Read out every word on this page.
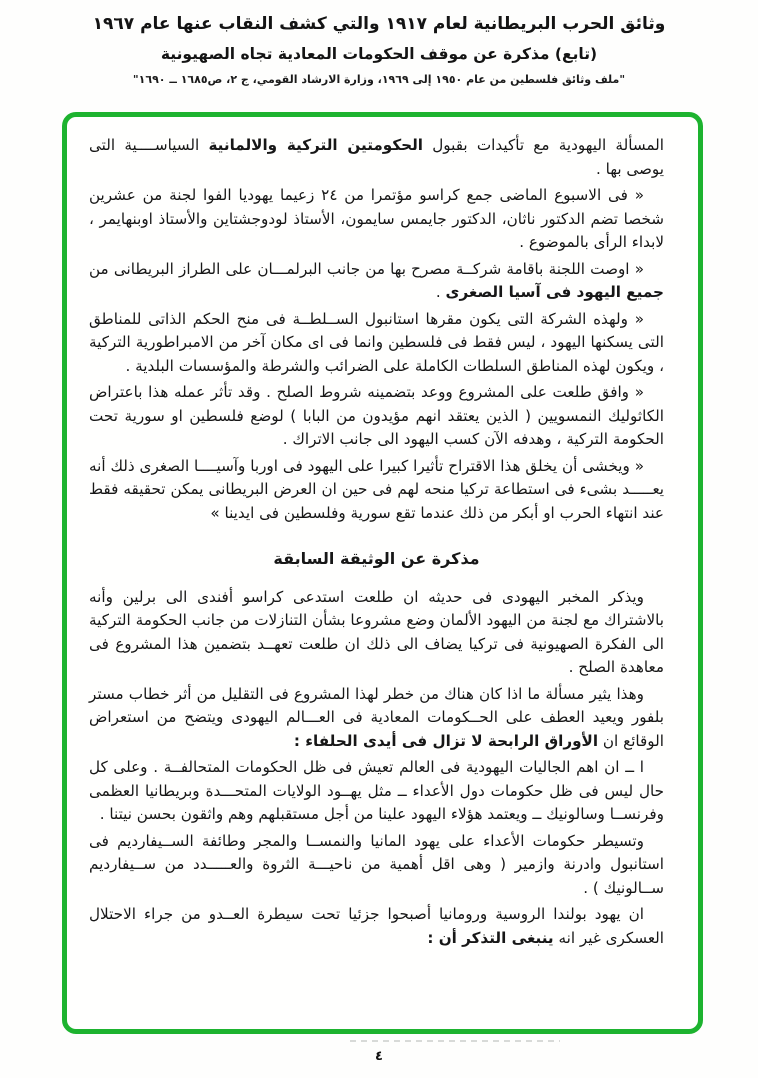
وثائق الحرب البريطانية لعام ١٩١٧ والتي كشف النقاب عنها عام ١٩٦٧
(تابع) مذكرة عن موقف الحكومات المعادية تجاه الصهيونية
"ملف وثائق فلسطين من عام ١٩٥٠ إلى ١٩٦٩، وزارة الارشاد القومي، ج ٢، ص١٦٨٥ ــ ١٦٩٠"

المسألة اليهودية مع تأكيدات بقبول الحكومتين التركية والالمانية السياســــية التى يوصى بها .

« فى الاسبوع الماضى جمع كراسو مؤتمرا من ٢٤ زعيما يهوديا الفوا لجنة من عشرين شخصا تضم الدكتور ناثان، الدكتور جايمس سايمون، الأستاذ لودوجشتاين والأستاذ اوبنهايمر ، لابداء الرأى بالموضوع .

« اوصت اللجنة باقامة شركــة مصرح بها من جانب البرلمـــان على الطراز البريطانى من جميع اليهود فى آسيا الصغرى .

« ولهذه الشركة التى يكون مقرها استانبول الســلطــة فى منح الحكم الذاتى للمناطق التى يسكنها اليهود ، ليس فقط فى فلسطين وانما فى اى مكان آخر من الامبراطورية التركية ، ويكون لهذه المناطق السلطات الكاملة على الضرائب والشرطة والمؤسسات البلدية .

« وافق طلعت على المشروع ووعد بتضمينه شروط الصلح . وقد تأثر عمله هذا باعتراض الكاثوليك النمسويين ( الذين يعتقد انهم مؤيدون من البابا ) لوضع فلسطين او سورية تحت الحكومة التركية ، وهدفه الآن كسب اليهود الى جانب الاتراك .

« ويخشى أن يخلق هذا الاقتراح تأثيرا كبيرا على اليهود فى اوربا وآسيــــا الصغرى ذلك أنه يعـــــد بشىء فى استطاعة تركيا منحه لهم فى حين ان العرض البريطانى يمكن تحقيقه فقط عند انتهاء الحرب او أبكر من ذلك عندما تقع سورية وفلسطين فى ايدينا »

مذكرة عن الوثيقة السابقة

ويذكر المخبر اليهودى فى حديثه ان طلعت استدعى كراسو أفندى الى برلين وأنه بالاشتراك مع لجنة من اليهود الألمان وضع مشروعا بشأن التنازلات من جانب الحكومة التركية الى الفكرة الصهيونية فى تركيا يضاف الى ذلك ان طلعت تعهــد بتضمين هذا المشروع فى معاهدة الصلح .

وهذا يثير مسألة ما اذا كان هناك من خطر لهذا المشروع فى التقليل من أثر خطاب مستر بلفور ويعيد العطف على الحــكومات المعادية فى العـــالم اليهودى ويتضح من استعراض الوقائع ان الأوراق الرابحة لا تزال فى أيدى الحلفاء :

ا ــ ان اهم الجاليات اليهودية فى العالم تعيش فى ظل الحكومات المتحالفــة . وعلى كل حال ليس فى ظل حكومات دول الأعداء ــ مثل يهــود الولايات المتحـــدة وبريطانيا العظمى وفرنســا وسالونيك ــ ويعتمد هؤلاء اليهود علينا من أجل مستقبلهم وهم واثقون بحسن نيتنا .

وتسيطر حكومات الأعداء على يهود المانيا والنمســا والمجر وطائفة الســيفارديم فى استانبول وادرنة وازمير ( وهى اقل أهمية من ناحيـــة الثروة والعـــــدد من ســيفارديم ســالونيك ) .

ان يهود بولندا الروسية ورومانيا أصبحوا جزئيا تحت سيطرة العــدو من جراء الاحتلال العسكرى غير انه ينبغى التذكر أن :

٤
